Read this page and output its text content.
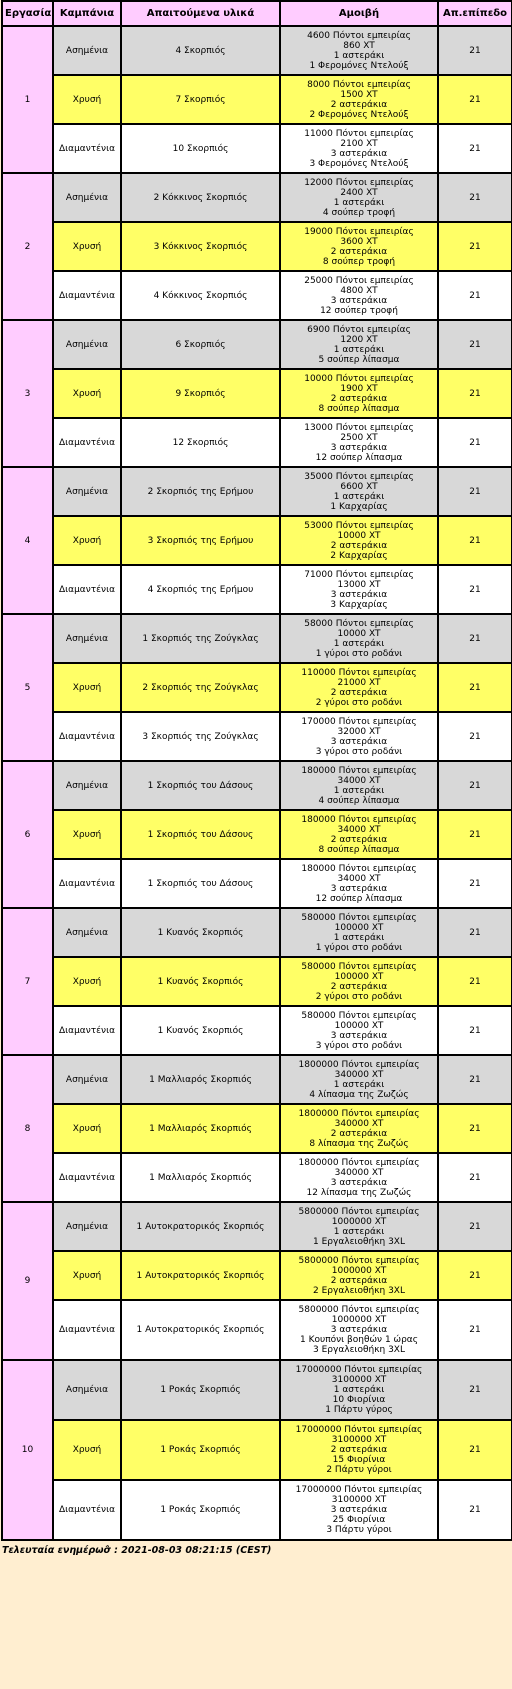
Εργασία	Καμπάνια	Απαιτούμενα υλικά	Αμοιβή	Απ.επίπεδο
1	Ασημένια	4 Σκορπιός	4600 Πόντοι εμπειρίας
860 XT
1 αστεράκι
1 Φερομόνες Ντελούξ	21
	Χρυσή	7 Σκορπιός	8000 Πόντοι εμπειρίας
1500 XT
2 αστεράκια
2 Φερομόνες Ντελούξ	21
	Διαμαντένια	10 Σκορπιός	11000 Πόντοι εμπειρίας
2100 XT
3 αστεράκια
3 Φερομόνες Ντελούξ	21
2	Ασημένια	2 Κόκκινος Σκορπιός	12000 Πόντοι εμπειρίας
2400 XT
1 αστεράκι
4 σούπερ τροφή	21
	Χρυσή	3 Κόκκινος Σκορπιός	19000 Πόντοι εμπειρίας
3600 XT
2 αστεράκια
8 σούπερ τροφή	21
	Διαμαντένια	4 Κόκκινος Σκορπιός	25000 Πόντοι εμπειρίας
4800 XT
3 αστεράκια
12 σούπερ τροφή	21
3	Ασημένια	6 Σκορπιός	6900 Πόντοι εμπειρίας
1200 XT
1 αστεράκι
5 σούπερ λίπασμα	21
	Χρυσή	9 Σκορπιός	10000 Πόντοι εμπειρίας
1900 XT
2 αστεράκια
8 σούπερ λίπασμα	21
	Διαμαντένια	12 Σκορπιός	13000 Πόντοι εμπειρίας
2500 XT
3 αστεράκια
12 σούπερ λίπασμα	21
4	Ασημένια	2 Σκορπιός της Ερήμου	35000 Πόντοι εμπειρίας
6600 XT
1 αστεράκι
1 Καρχαρίας	21
	Χρυσή	3 Σκορπιός της Ερήμου	53000 Πόντοι εμπειρίας
10000 XT
2 αστεράκια
2 Καρχαρίας	21
	Διαμαντένια	4 Σκορπιός της Ερήμου	71000 Πόντοι εμπειρίας
13000 XT
3 αστεράκια
3 Καρχαρίας	21
5	Ασημένια	1 Σκορπιός της Ζούγκλας	58000 Πόντοι εμπειρίας
10000 XT
1 αστεράκι
1 γύροι στο ροδάνι	21
	Χρυσή	2 Σκορπιός της Ζούγκλας	110000 Πόντοι εμπειρίας
21000 XT
2 αστεράκια
2 γύροι στο ροδάνι	21
	Διαμαντένια	3 Σκορπιός της Ζούγκλας	170000 Πόντοι εμπειρίας
32000 XT
3 αστεράκια
3 γύροι στο ροδάνι	21
6	Ασημένια	1 Σκορπιός του Δάσους	180000 Πόντοι εμπειρίας
34000 XT
1 αστεράκι
4 σούπερ λίπασμα	21
	Χρυσή	1 Σκορπιός του Δάσους	180000 Πόντοι εμπειρίας
34000 XT
2 αστεράκια
8 σούπερ λίπασμα	21
	Διαμαντένια	1 Σκορπιός του Δάσους	180000 Πόντοι εμπειρίας
34000 XT
3 αστεράκια
12 σούπερ λίπασμα	21
7	Ασημένια	1 Κυανός Σκορπιός	580000 Πόντοι εμπειρίας
100000 XT
1 αστεράκι
1 γύροι στο ροδάνι	21
	Χρυσή	1 Κυανός Σκορπιός	580000 Πόντοι εμπειρίας
100000 XT
2 αστεράκια
2 γύροι στο ροδάνι	21
	Διαμαντένια	1 Κυανός Σκορπιός	580000 Πόντοι εμπειρίας
100000 XT
3 αστεράκια
3 γύροι στο ροδάνι	21
8	Ασημένια	1 Μαλλιαρός Σκορπιός	1800000 Πόντοι εμπειρίας
340000 XT
1 αστεράκι
4 λίπασμα της Ζωζώς	21
	Χρυσή	1 Μαλλιαρός Σκορπιός	1800000 Πόντοι εμπειρίας
340000 XT
2 αστεράκια
8 λίπασμα της Ζωζώς	21
	Διαμαντένια	1 Μαλλιαρός Σκορπιός	1800000 Πόντοι εμπειρίας
340000 XT
3 αστεράκια
12 λίπασμα της Ζωζώς	21
9	Ασημένια	1 Αυτοκρατορικός Σκορπιός	5800000 Πόντοι εμπειρίας
1000000 XT
1 αστεράκι
1 Εργαλειοθήκη 3XL	21
	Χρυσή	1 Αυτοκρατορικός Σκορπιός	5800000 Πόντοι εμπειρίας
1000000 XT
2 αστεράκια
2 Εργαλειοθήκη 3XL	21
	Διαμαντένια	1 Αυτοκρατορικός Σκορπιός	5800000 Πόντοι εμπειρίας
1000000 XT
3 αστεράκια
1 Κουπόνι βοηθών 1 ώρας
3 Εργαλειοθήκη 3XL	21
10	Ασημένια	1 Ροκάς Σκορπιός	17000000 Πόντοι εμπειρίας
3100000 XT
1 αστεράκι
10 Φιορίνια
1 Πάρτυ γύρος	21
	Χρυσή	1 Ροκάς Σκορπιός	17000000 Πόντοι εμπειρίας
3100000 XT
2 αστεράκια
15 Φιορίνια
2 Πάρτυ γύροι	21
	Διαμαντένια	1 Ροκάς Σκορπιός	17000000 Πόντοι εμπειρίας
3100000 XT
3 αστεράκια
25 Φιορίνια
3 Πάρτυ γύροι	21
Τελευταία ενημέρωσ̂ : 2021-08-03 08:21:15 (CEST)
